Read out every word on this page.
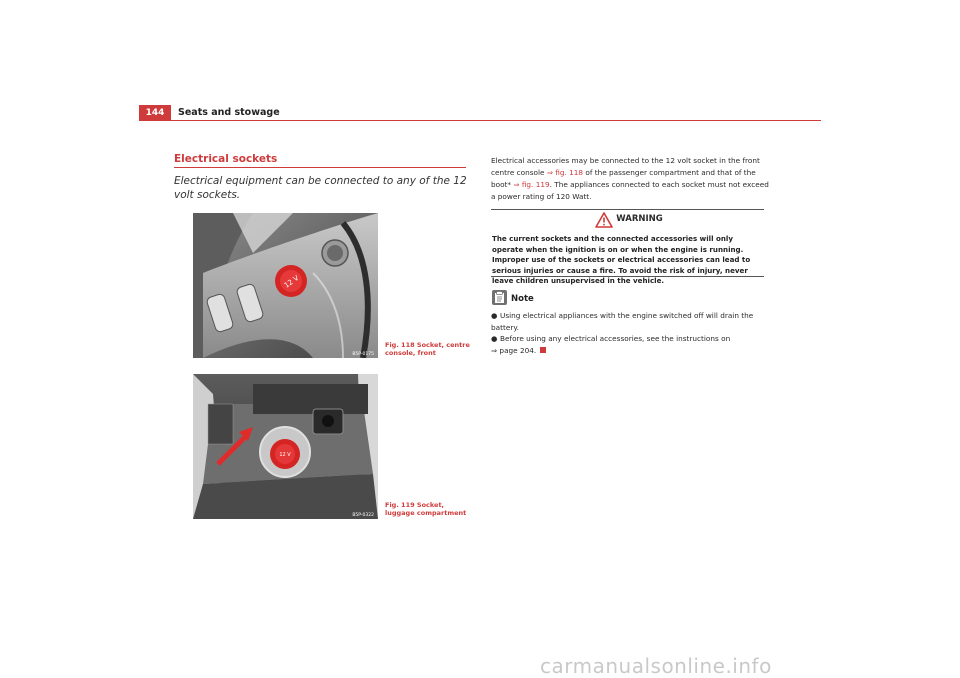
144	Seats and stowage
Electrical sockets
Electrical equipment can be connected to any of the 12 volt sockets.
12 V
B5P-0175
Fig. 118 Socket, centre console, front
12 V
B5P-0322
Fig. 119 Socket, luggage compartment
Electrical accessories may be connected to the 12 volt socket in the front centre console ⇒ fig. 118 of the passenger compartment and that of the boot* ⇒ fig. 119. The appliances connected to each socket must not exceed a power rating of 120 Watt.
WARNING
The current sockets and the connected accessories will only operate when the ignition is on or when the engine is running. Improper use of the sockets or electrical accessories can lead to serious injuries or cause a fire. To avoid the risk of injury, never leave children unsupervised in the vehicle.
Note

● Using electrical appliances with the engine switched off will drain the battery.

● Before using any electrical accessories, see the instructions on
⇒ page 204.

carmanualsonline.info
